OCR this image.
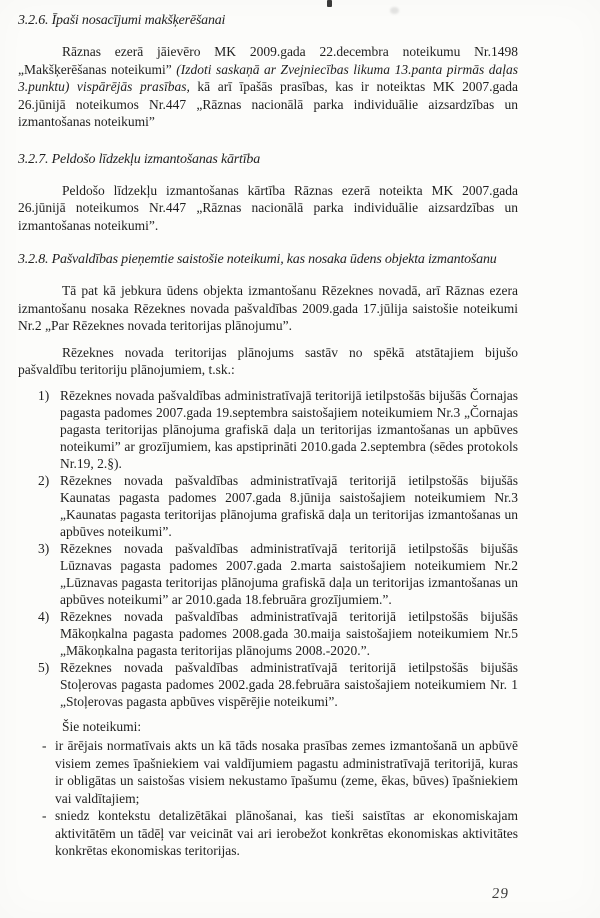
3.2.6. Īpaši nosacījumi makšķerēšanai

Rāznas ezerā jāievēro MK 2009.gada 22.decembra noteikumu Nr.1498 „Makšķerēšanas noteikumi” (Izdoti saskaņā ar Zvejniecības likuma 13.panta pirmās daļas 3.punktu) vispārējās prasības, kā arī īpašās prasības, kas ir noteiktas MK 2007.gada 26.jūnijā noteikumos Nr.447 „Rāznas nacionālā parka individuālie aizsardzības un izmantošanas noteikumi”

3.2.7. Peldošo līdzekļu izmantošanas kārtība

Peldošo līdzekļu izmantošanas kārtība Rāznas ezerā noteikta MK 2007.gada 26.jūnijā noteikumos Nr.447 „Rāznas nacionālā parka individuālie aizsardzības un izmantošanas noteikumi”.

3.2.8. Pašvaldības pieņemtie saistošie noteikumi, kas nosaka ūdens objekta izmantošanu

Tā pat kā jebkura ūdens objekta izmantošanu Rēzeknes novadā, arī Rāznas ezera izmantošanu nosaka Rēzeknes novada pašvaldības 2009.gada 17.jūlija saistošie noteikumi Nr.2 „Par Rēzeknes novada teritorijas plānojumu”.

Rēzeknes novada teritorijas plānojums sastāv no spēkā atstātajiem bijušo pašvaldību teritoriju plānojumiem, t.sk.:

1) Rēzeknes novada pašvaldības administratīvajā teritorijā ietilpstošās bijušās Čornajas pagasta padomes 2007.gada 19.septembra saistošajiem noteikumiem Nr.3 „Čornajas pagasta teritorijas plānojuma grafiskā daļa un teritorijas izmantošanas un apbūves noteikumi” ar grozījumiem, kas apstiprināti 2010.gada 2.septembra (sēdes protokols Nr.19, 2.§).
2) Rēzeknes novada pašvaldības administratīvajā teritorijā ietilpstošās bijušās Kaunatas pagasta padomes 2007.gada 8.jūnija saistošajiem noteikumiem Nr.3 „Kaunatas pagasta teritorijas plānojuma grafiskā daļa un teritorijas izmantošanas un apbūves noteikumi”.
3) Rēzeknes novada pašvaldības administratīvajā teritorijā ietilpstošās bijušās Lūznavas pagasta padomes 2007.gada 2.marta saistošajiem noteikumiem Nr.2 „Lūznavas pagasta teritorijas plānojuma grafiskā daļa un teritorijas izmantošanas un apbūves noteikumi” ar 2010.gada 18.februāra grozījumiem.”.
4) Rēzeknes novada pašvaldības administratīvajā teritorijā ietilpstošās bijušās Mākoņkalna pagasta padomes 2008.gada 30.maija saistošajiem noteikumiem Nr.5 „Mākoņkalna pagasta teritorijas plānojums 2008.-2020.”.
5) Rēzeknes novada pašvaldības administratīvajā teritorijā ietilpstošās bijušās Stoļerovas pagasta padomes 2002.gada 28.februāra saistošajiem noteikumiem Nr. 1 „Stoļerovas pagasta apbūves vispērējie noteikumi”.

Šie noteikumi:

- ir ārējais normatīvais akts un kā tāds nosaka prasības zemes izmantošanā un apbūvē visiem zemes īpašniekiem vai valdījumiem pagastu administratīvajā teritorijā, kuras ir obligātas un saistošas visiem nekustamo īpašumu (zeme, ēkas, būves) īpašniekiem vai valdītajiem;
- sniedz kontekstu detalizētākai plānošanai, kas tieši saistītas ar ekonomiskajam aktivitātēm un tādēļ var veicināt vai ari ierobežot konkrētas ekonomiskas aktivitātes konkrētas ekonomiskas teritorijas.
29
